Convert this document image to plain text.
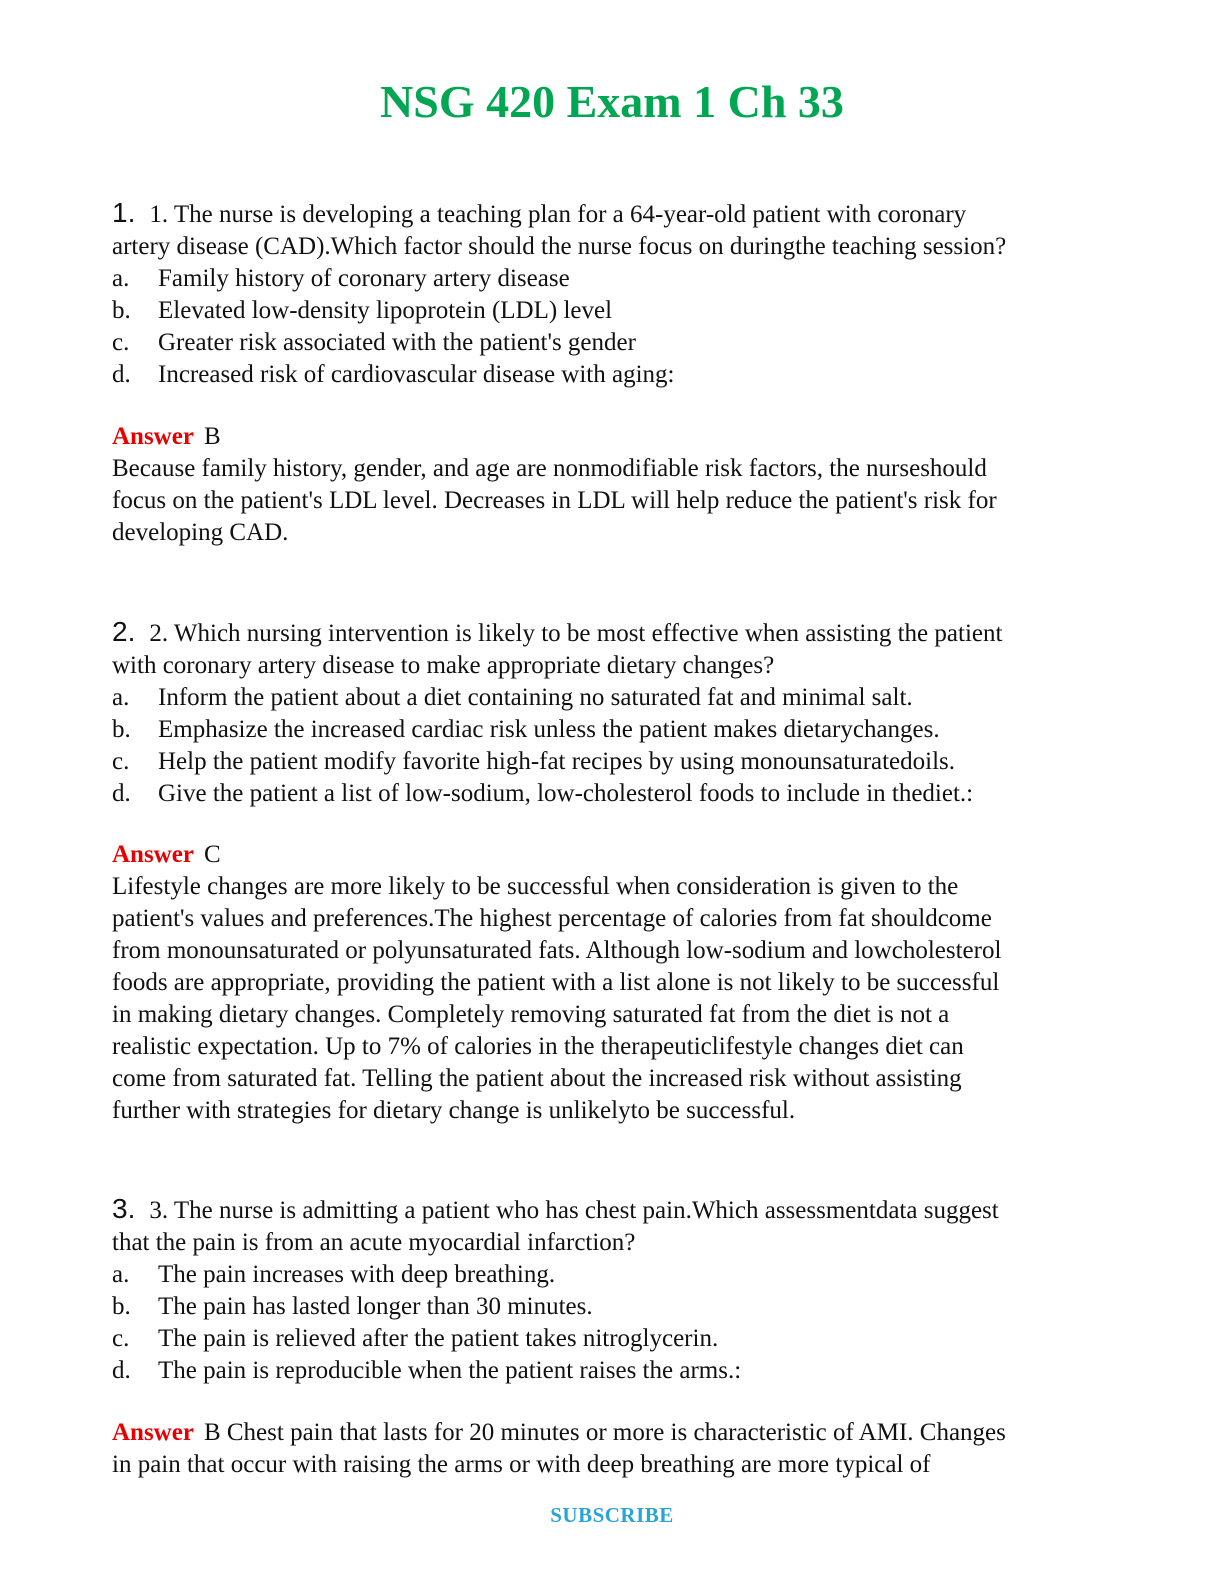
NSG 420 Exam 1 Ch 33
1. 1. The nurse is developing a teaching plan for a 64-year-old patient with coronary
artery disease (CAD).Which factor should the nurse focus on duringthe teaching session?
a.	Family history of coronary artery disease
b.	Elevated low-density lipoprotein (LDL) level
c.	Greater risk associated with the patient's gender
d.	Increased risk of cardiovascular disease with aging:
Answer B
Because family history, gender, and age are nonmodifiable risk factors, the nurseshould
focus on the patient's LDL level. Decreases in LDL will help reduce the patient's risk for
developing CAD.
2. 2. Which nursing intervention is likely to be most effective when assisting the patient
with coronary artery disease to make appropriate dietary changes?
a.	Inform the patient about a diet containing no saturated fat and minimal salt.
b.	Emphasize the increased cardiac risk unless the patient makes dietarychanges.
c.	Help the patient modify favorite high-fat recipes by using monounsaturatedoils.
d.	Give the patient a list of low-sodium, low-cholesterol foods to include in thediet.:
Answer C
Lifestyle changes are more likely to be successful when consideration is given to the
patient's values and preferences.The highest percentage of calories from fat shouldcome
from monounsaturated or polyunsaturated fats. Although low-sodium and lowcholesterol
foods are appropriate, providing the patient with a list alone is not likely to be successful
in making dietary changes. Completely removing saturated fat from the diet is not a
realistic expectation. Up to 7% of calories in the therapeuticlifestyle changes diet can
come from saturated fat. Telling the patient about the increased risk without assisting
further with strategies for dietary change is unlikelyto be successful.
3. 3. The nurse is admitting a patient who has chest pain.Which assessmentdata suggest
that the pain is from an acute myocardial infarction?
a.	The pain increases with deep breathing.
b.	The pain has lasted longer than 30 minutes.
c.	The pain is relieved after the patient takes nitroglycerin.
d.	The pain is reproducible when the patient raises the arms.:
Answer B Chest pain that lasts for 20 minutes or more is characteristic of AMI. Changes
in pain that occur with raising the arms or with deep breathing are more typical of
SUBSCRIBE
